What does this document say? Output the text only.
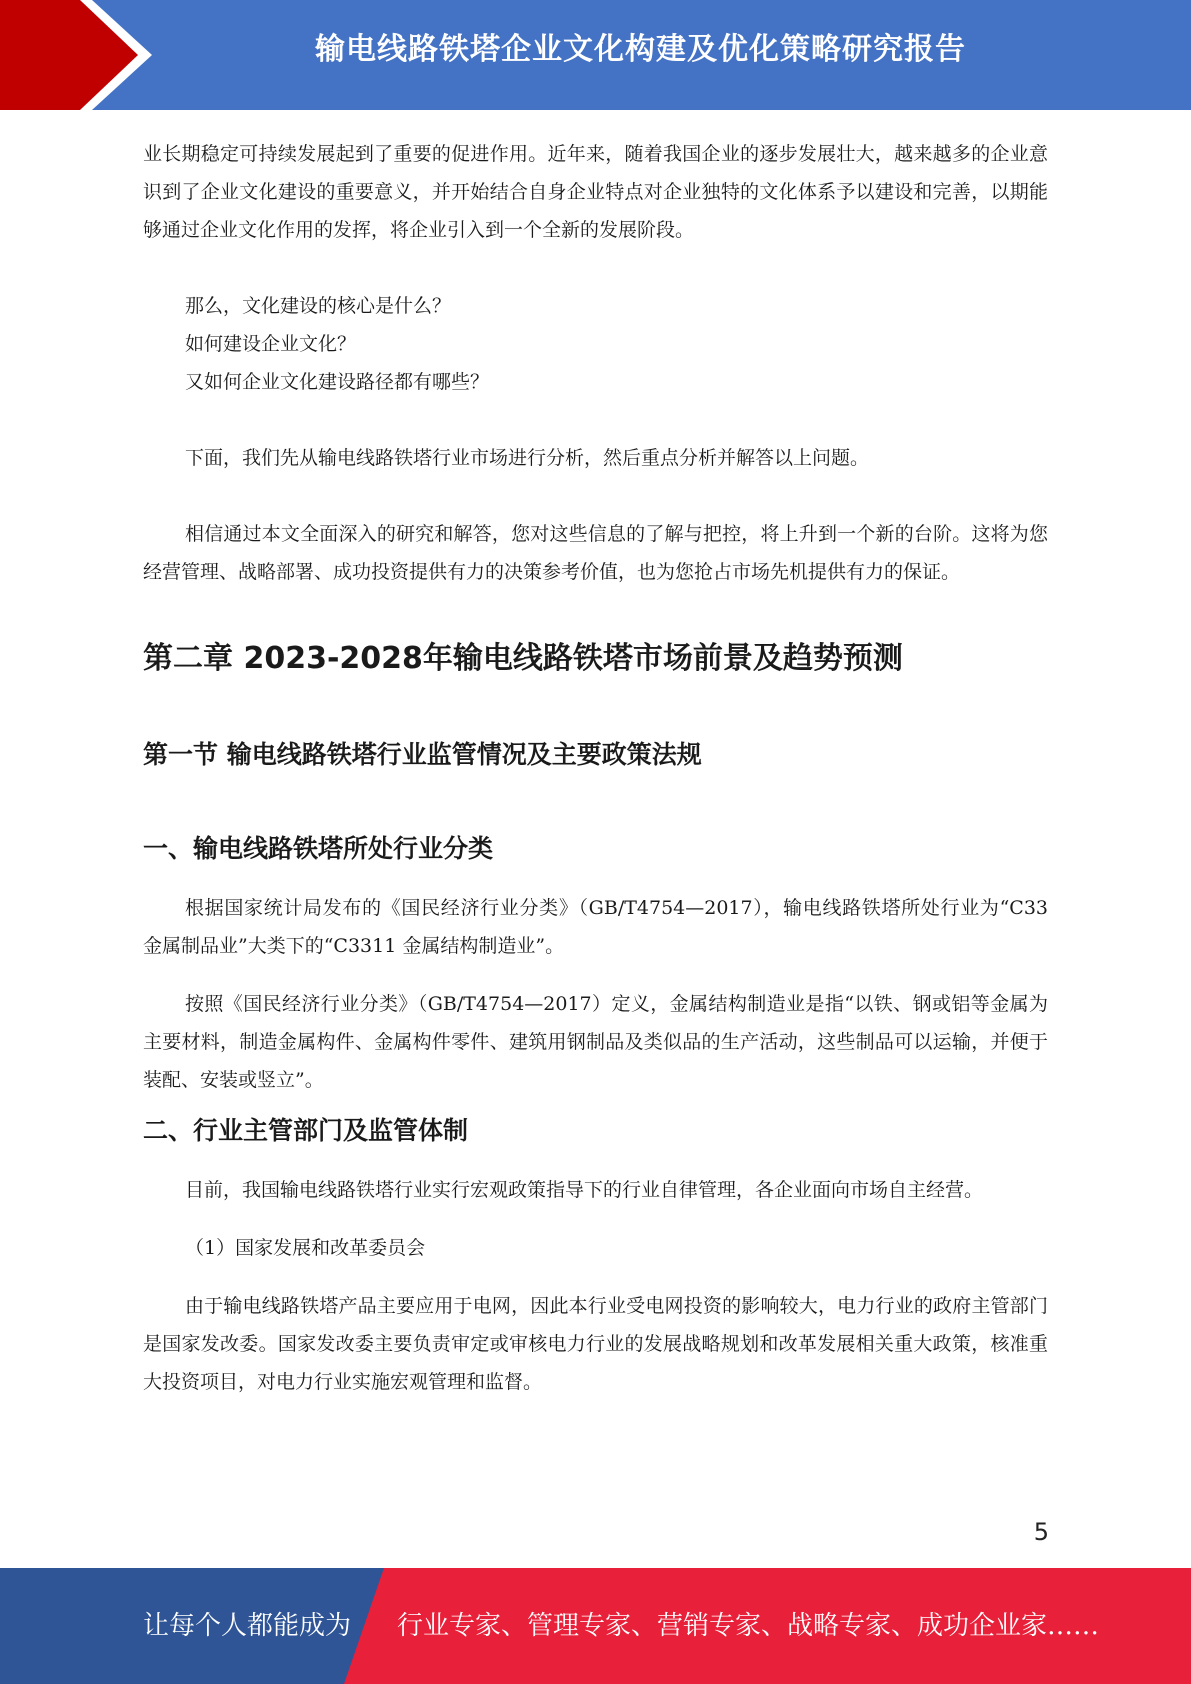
输电线路铁塔企业文化构建及优化策略研究报告

业长期稳定可持续发展起到了重要的促进作用。近年来，随着我国企业的逐步发展壮大，越来越多的企业意识到了企业文化建设的重要意义，并开始结合自身企业特点对企业独特的文化体系予以建设和完善，以期能够通过企业文化作用的发挥，将企业引入到一个全新的发展阶段。

那么，文化建设的核心是什么？

如何建设企业文化？

又如何企业文化建设路径都有哪些？

下面，我们先从输电线路铁塔行业市场进行分析，然后重点分析并解答以上问题。

相信通过本文全面深入的研究和解答，您对这些信息的了解与把控，将上升到一个新的台阶。这将为您经营管理、战略部署、成功投资提供有力的决策参考价值，也为您抢占市场先机提供有力的保证。

第二章 2023-2028年输电线路铁塔市场前景及趋势预测
第一节 输电线路铁塔行业监管情况及主要政策法规
一、输电线路铁塔所处行业分类

根据国家统计局发布的《国民经济行业分类》（GB/T4754—2017），输电线路铁塔所处行业为“C33 金属制品业”大类下的“C3311 金属结构制造业”。

按照《国民经济行业分类》（GB/T4754—2017）定义，金属结构制造业是指“以铁、钢或铝等金属为主要材料，制造金属构件、金属构件零件、建筑用钢制品及类似品的生产活动，这些制品可以运输，并便于装配、安装或竖立”。

二、行业主管部门及监管体制

目前，我国输电线路铁塔行业实行宏观政策指导下的行业自律管理，各企业面向市场自主经营。

（1）国家发展和改革委员会

由于输电线路铁塔产品主要应用于电网，因此本行业受电网投资的影响较大，电力行业的政府主管部门是国家发改委。国家发改委主要负责审定或审核电力行业的发展战略规划和改革发展相关重大政策，核准重大投资项目，对电力行业实施宏观管理和监督。

5
让每个人都能成为 行业专家、管理专家、营销专家、战略专家、成功企业家……
